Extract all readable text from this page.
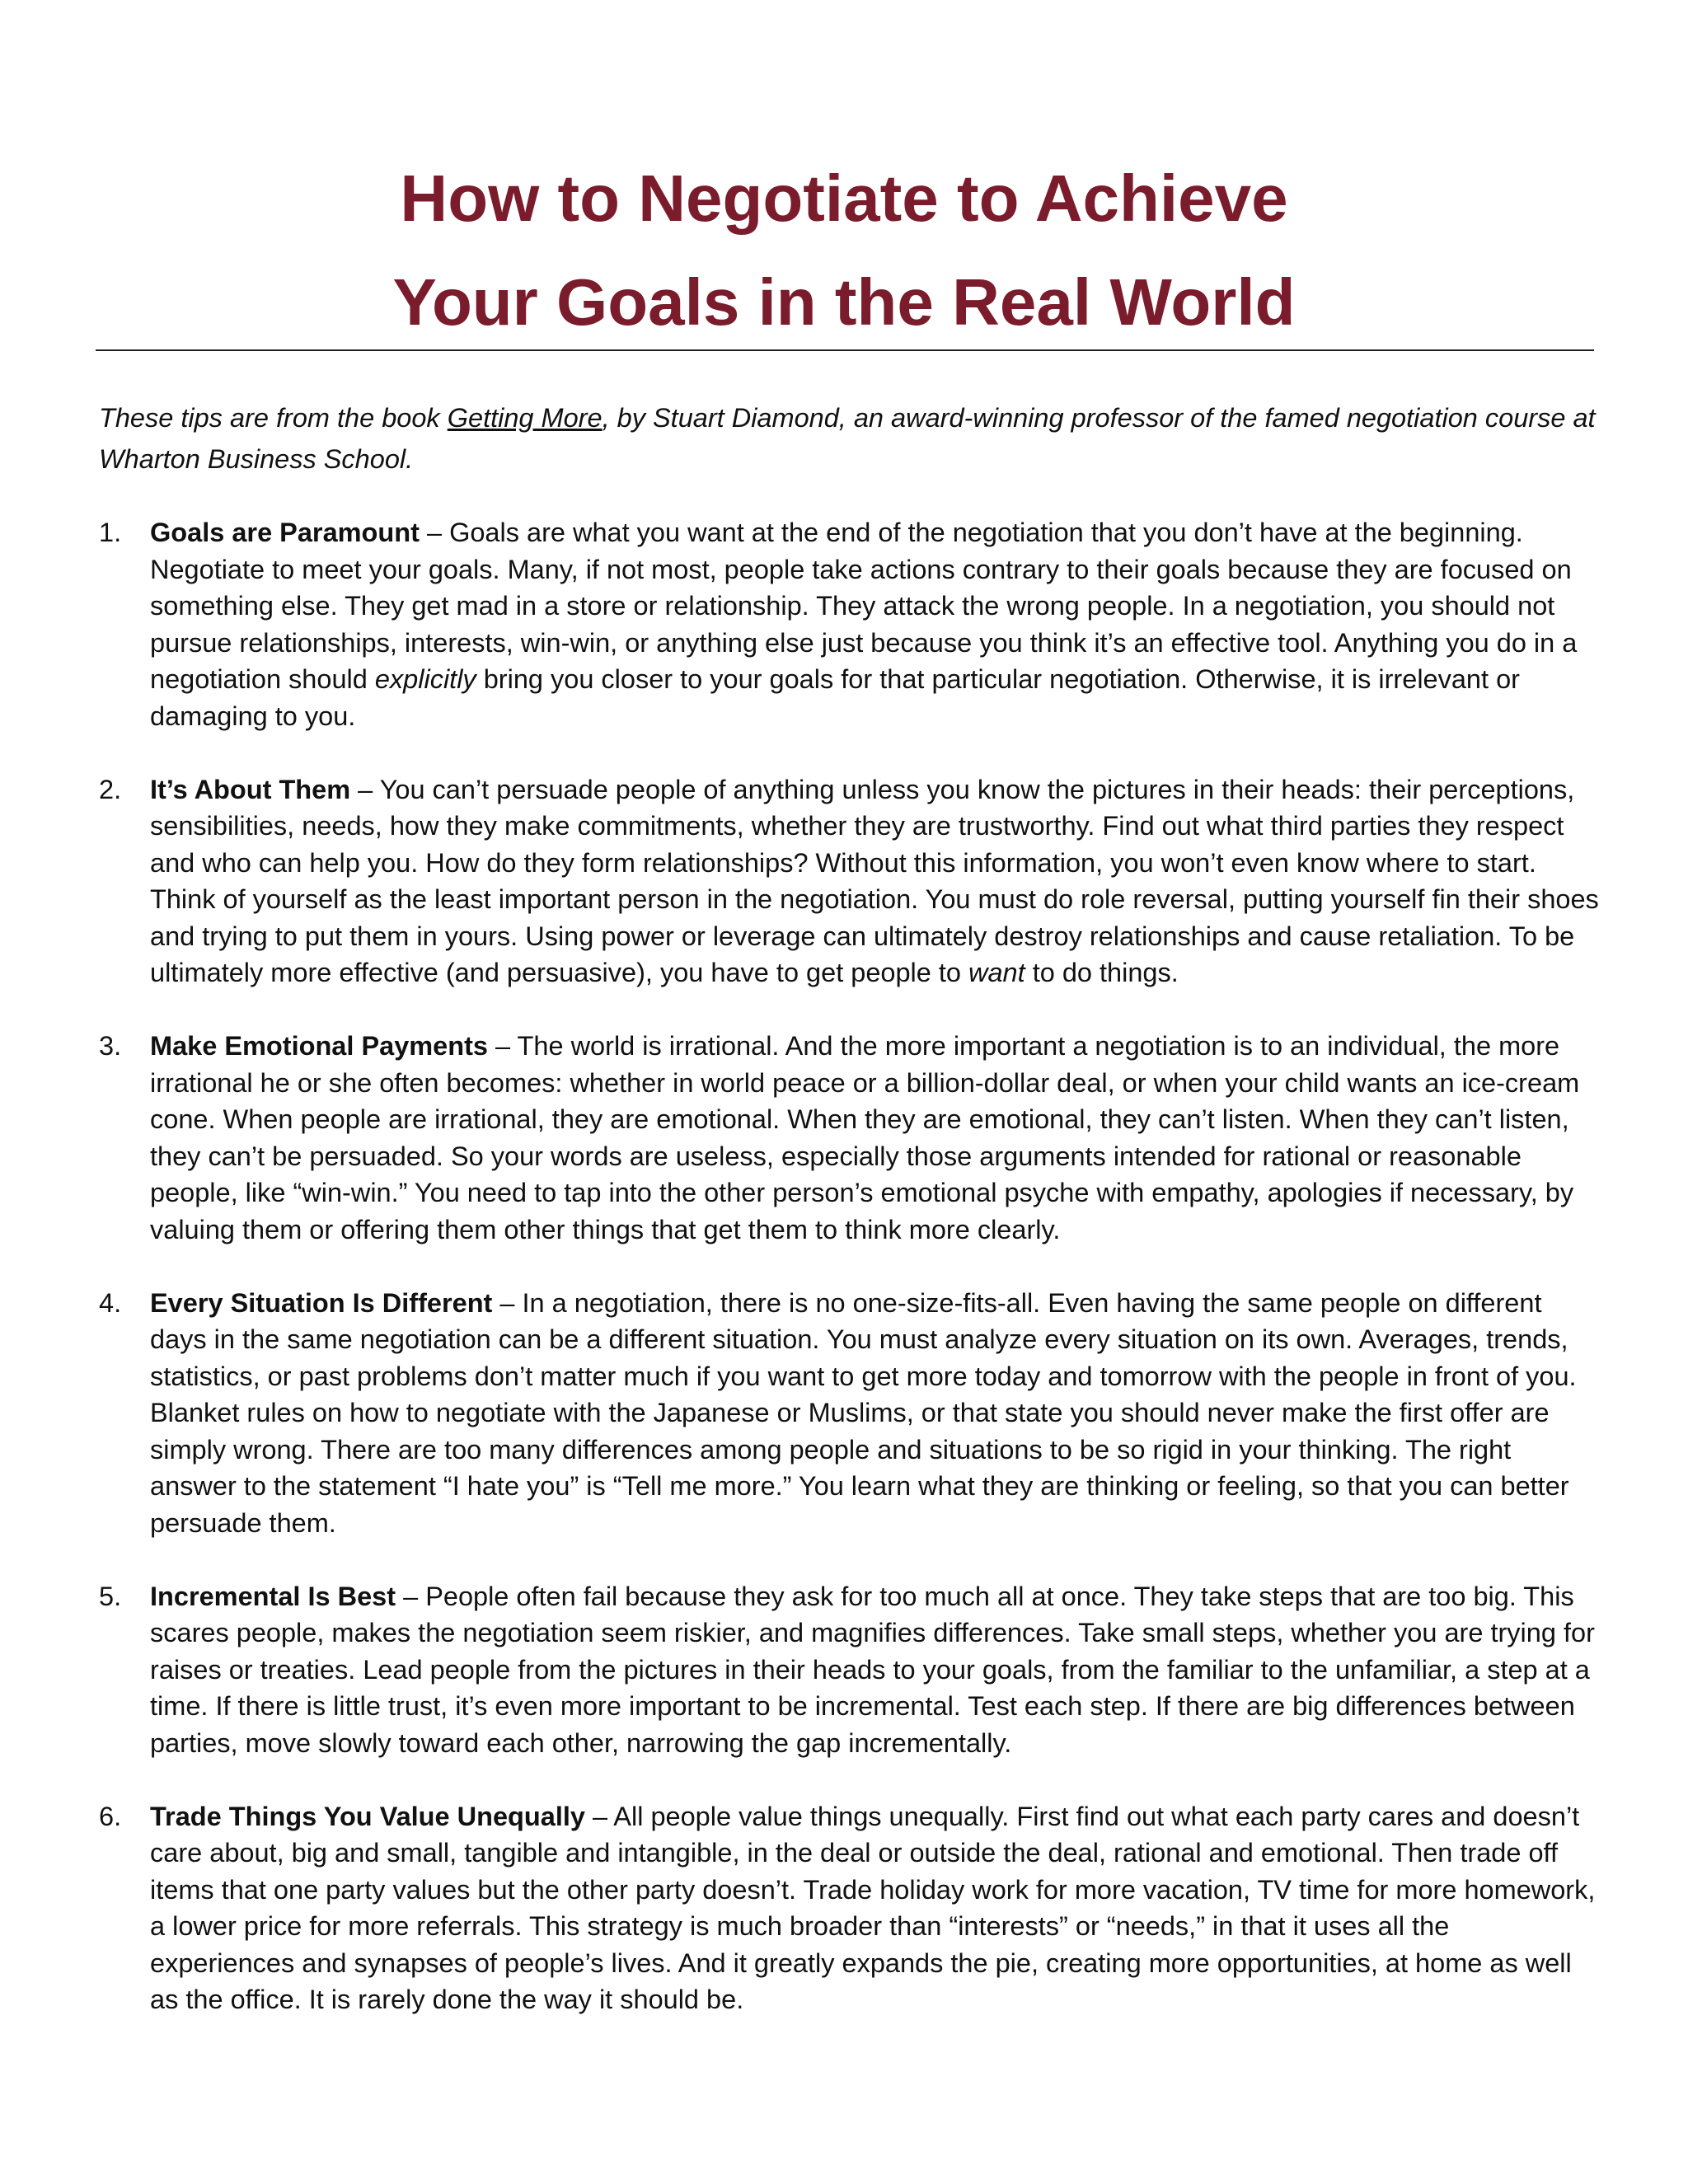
How to Negotiate to Achieve
Your Goals in the Real World

These tips are from the book Getting More, by Stuart Diamond, an award-winning professor of the famed negotiation course at Wharton Business School.

1. Goals are Paramount – Goals are what you want at the end of the negotiation that you don’t have at the beginning. Negotiate to meet your goals. Many, if not most, people take actions contrary to their goals because they are focused on something else. They get mad in a store or relationship. They attack the wrong people. In a negotiation, you should not pursue relationships, interests, win-win, or anything else just because you think it’s an effective tool. Anything you do in a negotiation should explicitly bring you closer to your goals for that particular negotiation. Otherwise, it is irrelevant or damaging to you.
2. It’s About Them – You can’t persuade people of anything unless you know the pictures in their heads: their perceptions, sensibilities, needs, how they make commitments, whether they are trustworthy. Find out what third parties they respect and who can help you. How do they form relationships? Without this information, you won’t even know where to start. Think of yourself as the least important person in the negotiation. You must do role reversal, putting yourself fin their shoes and trying to put them in yours. Using power or leverage can ultimately destroy relationships and cause retaliation. To be ultimately more effective (and persuasive), you have to get people to want to do things.
3. Make Emotional Payments – The world is irrational. And the more important a negotiation is to an individual, the more irrational he or she often becomes: whether in world peace or a billion-dollar deal, or when your child wants an ice-cream cone. When people are irrational, they are emotional. When they are emotional, they can’t listen. When they can’t listen, they can’t be persuaded. So your words are useless, especially those arguments intended for rational or reasonable people, like “win-win.” You need to tap into the other person’s emotional psyche with empathy, apologies if necessary, by valuing them or offering them other things that get them to think more clearly.
4. Every Situation Is Different – In a negotiation, there is no one-size-fits-all. Even having the same people on different days in the same negotiation can be a different situation. You must analyze every situation on its own. Averages, trends, statistics, or past problems don’t matter much if you want to get more today and tomorrow with the people in front of you. Blanket rules on how to negotiate with the Japanese or Muslims, or that state you should never make the first offer are simply wrong. There are too many differences among people and situations to be so rigid in your thinking. The right answer to the statement “I hate you” is “Tell me more.” You learn what they are thinking or feeling, so that you can better persuade them.
5. Incremental Is Best – People often fail because they ask for too much all at once. They take steps that are too big. This scares people, makes the negotiation seem riskier, and magnifies differences. Take small steps, whether you are trying for raises or treaties. Lead people from the pictures in their heads to your goals, from the familiar to the unfamiliar, a step at a time. If there is little trust, it’s even more important to be incremental. Test each step. If there are big differences between parties, move slowly toward each other, narrowing the gap incrementally.
6. Trade Things You Value Unequally – All people value things unequally. First find out what each party cares and doesn’t care about, big and small, tangible and intangible, in the deal or outside the deal, rational and emotional. Then trade off items that one party values but the other party doesn’t. Trade holiday work for more vacation, TV time for more homework, a lower price for more referrals. This strategy is much broader than “interests” or “needs,” in that it uses all the experiences and synapses of people’s lives. And it greatly expands the pie, creating more opportunities, at home as well as the office. It is rarely done the way it should be.
